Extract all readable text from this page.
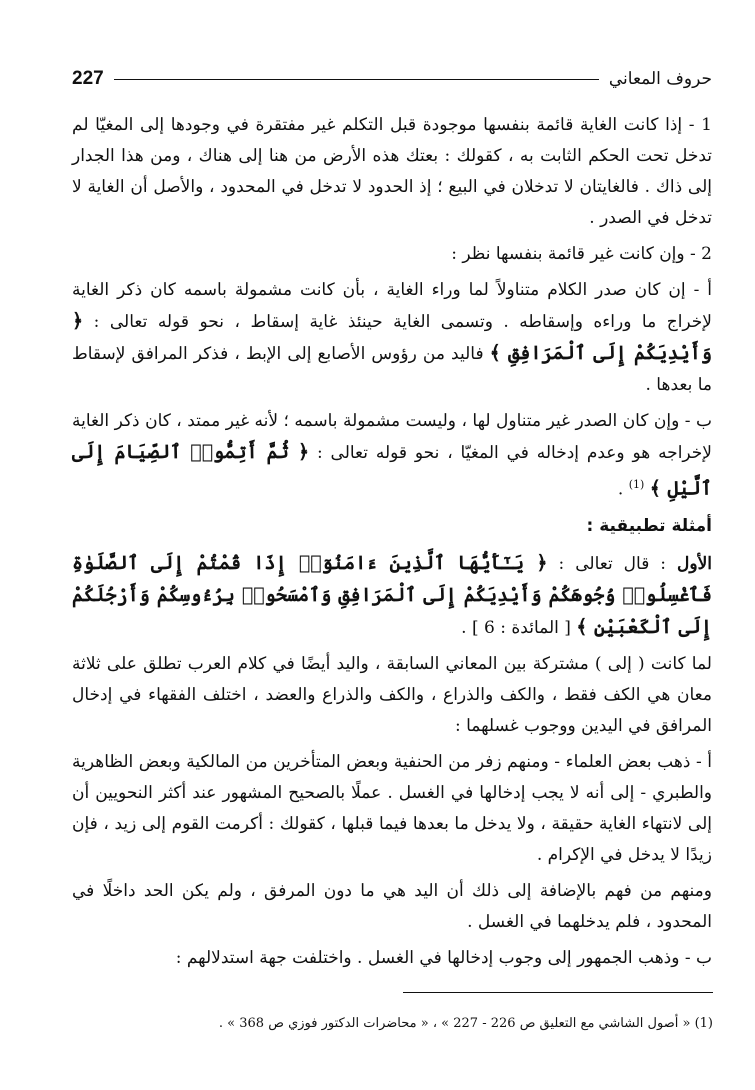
حروف المعاني
227

1 - إذا كانت الغاية قائمة بنفسها موجودة قبل التكلم غير مفتقرة في وجودها إلى المغيّا لم تدخل تحت الحكم الثابت به ، كقولك : بعتك هذه الأرض من هنا إلى هناك ، ومن هذا الجدار إلى ذاك . فالغايتان لا تدخلان في البيع ؛ إذ الحدود لا تدخل في المحدود ، والأصل أن الغاية لا تدخل في الصدر .

2 - وإن كانت غير قائمة بنفسها نظر :

أ - إن كان صدر الكلام متناولاً لما وراء الغاية ، بأن كانت مشمولة باسمه كان ذكر الغاية لإخراج ما وراءه وإسقاطه . وتسمى الغاية حينئذ غاية إسقاط ، نحو قوله تعالى : ﴿ وَأَيْدِيَكُمْ إِلَى ٱلْمَرَافِقِ ﴾ فاليد من رؤوس الأصابع إلى الإبط ، فذكر المرافق لإسقاط ما بعدها .

ب - وإن كان الصدر غير متناول لها ، وليست مشمولة باسمه ؛ لأنه غير ممتد ، كان ذكر الغاية لإخراجه هو وعدم إدخاله في المغيّا ، نحو قوله تعالى : ﴿ ثُمَّ أَتِمُّوا۟ ٱلصِّيَامَ إِلَى ٱلَّيْلِ ﴾ $^{(1)}$ .

أمثلة تطبيقية :

الأول : قال تعالى : ﴿ يَـٰٓأَيُّهَا ٱلَّذِينَ ءَامَنُوٓا۟ إِذَا قُمْتُمْ إِلَى ٱلصَّلَوٰةِ فَٱغْسِلُوا۟ وُجُوهَكُمْ وَأَيْدِيَكُمْ إِلَى ٱلْمَرَافِقِ وَٱمْسَحُوا۟ بِرُءُوسِكُمْ وَأَرْجُلَكُمْ إِلَى ٱلْكَعْبَيْنِ ﴾ [ المائدة : 6 ] .

لما كانت ( إلى ) مشتركة بين المعاني السابقة ، واليد أيضًا في كلام العرب تطلق على ثلاثة معان هي الكف فقط ، والكف والذراع ، والكف والذراع والعضد ، اختلف الفقهاء في إدخال المرافق في اليدين ووجوب غسلهما :

أ - ذهب بعض العلماء - ومنهم زفر من الحنفية وبعض المتأخرين من المالكية وبعض الظاهرية والطبري - إلى أنه لا يجب إدخالها في الغسل . عملًا بالصحيح المشهور عند أكثر النحويين أن إلى لانتهاء الغاية حقيقة ، ولا يدخل ما بعدها فيما قبلها ، كقولك : أكرمت القوم إلى زيد ، فإن زيدًا لا يدخل في الإكرام .

ومنهم من فهم بالإضافة إلى ذلك أن اليد هي ما دون المرفق ، ولم يكن الحد داخلًا في المحدود ، فلم يدخلهما في الغسل .

ب - وذهب الجمهور إلى وجوب إدخالها في الغسل . واختلفت جهة استدلالهم :

(1) « أصول الشاشي مع التعليق ص 226 - 227 » ، « محاضرات الدكتور فوزي ص 368 » .
